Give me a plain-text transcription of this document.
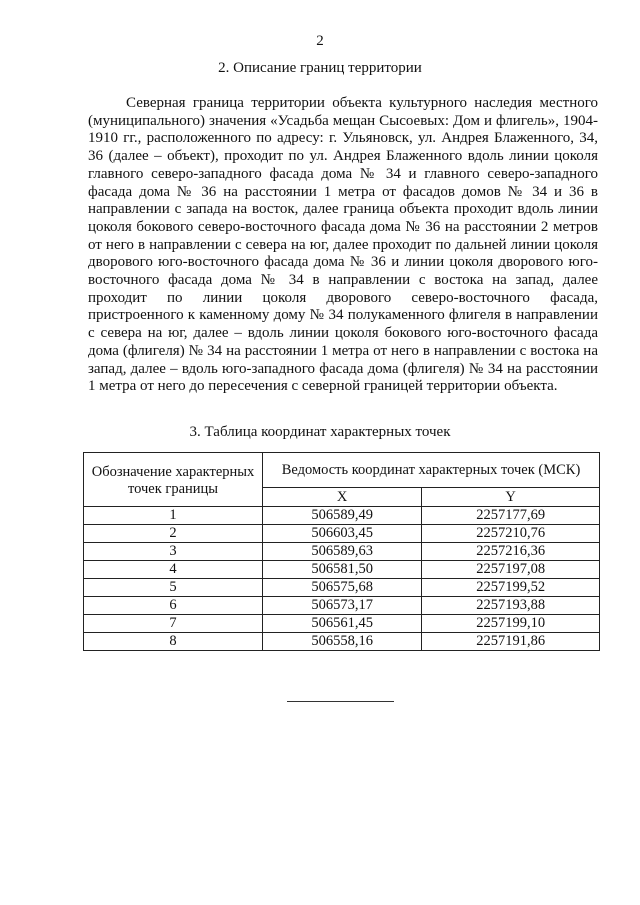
2
2. Описание границ территории

Северная граница территории объекта культурного наследия местного (муниципального) значения «Усадьба мещан Сысоевых: Дом и флигель», 1904-1910 гг., расположенного по адресу: г. Ульяновск, ул. Андрея Блаженного, 34, 36 (далее – объект), проходит по ул. Андрея Блаженного вдоль линии цоколя главного северо-западного фасада дома № 34 и главного северо-западного фасада дома № 36 на расстоянии 1 метра от фасадов домов № 34 и 36 в направлении с запада на восток, далее граница объекта проходит вдоль линии цоколя бокового северо-восточного фасада дома № 36 на расстоянии 2 метров от него в направлении с севера на юг, далее проходит по дальней линии цоколя дворового юго-восточного фасада дома № 36 и линии цоколя дворового юго-восточного фасада дома № 34 в направлении с востока на запад, далее проходит по линии цоколя дворового северо-восточного фасада, пристроенного к каменному дому № 34 полукаменного флигеля в направлении с севера на юг, далее – вдоль линии цоколя бокового юго-восточного фасада дома (флигеля) № 34 на расстоянии 1 метра от него в направлении с востока на запад, далее – вдоль юго-западного фасада дома (флигеля) № 34 на расстоянии 1 метра от него до пересечения с северной границей территории объекта.

3. Таблица координат характерных точек
Обозначение характерных точек границы	Ведомость координат характерных точек (МСК)	
	X	Y
1	506589,49	2257177,69
2	506603,45	2257210,76
3	506589,63	2257216,36
4	506581,50	2257197,08
5	506575,68	2257199,52
6	506573,17	2257193,88
7	506561,45	2257199,10
8	506558,16	2257191,86
